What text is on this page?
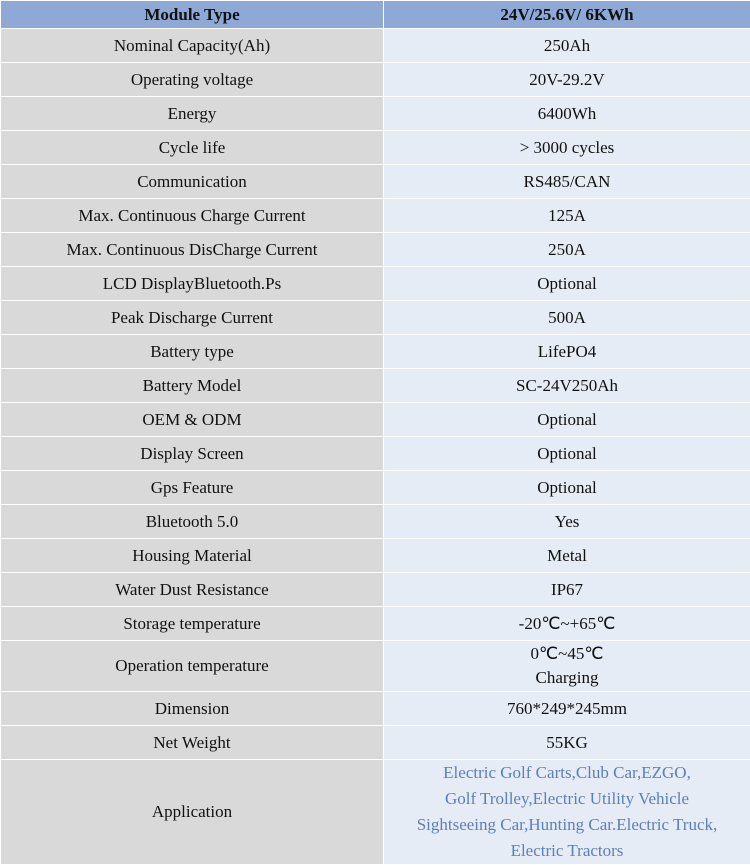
Module Type	24V/25.6V/ 6KWh
Nominal Capacity(Ah)	250Ah
Operating voltage	20V-29.2V
Energy	6400Wh
Cycle life	> 3000 cycles
Communication	RS485/CAN
Max. Continuous Charge Current	125A
Max. Continuous DisCharge Current	250A
LCD DisplayBluetooth.Ps	Optional
Peak Discharge Current	500A
Battery type	LifePO4
Battery Model	SC-24V250Ah
OEM & ODM	Optional
Display Screen	Optional
Gps Feature	Optional
Bluetooth 5.0	Yes
Housing Material	Metal
Water Dust Resistance	IP67
Storage temperature	-20℃~+65℃
Operation temperature	0℃~45℃
Charging

Dimension	760*249*245mm
Net Weight	55KG
Application	Electric Golf Carts,Club Car,EZGO,
Golf Trolley,Electric Utility Vehicle
Sightseeing Car,Hunting Car.Electric Truck,
Electric Tractors
